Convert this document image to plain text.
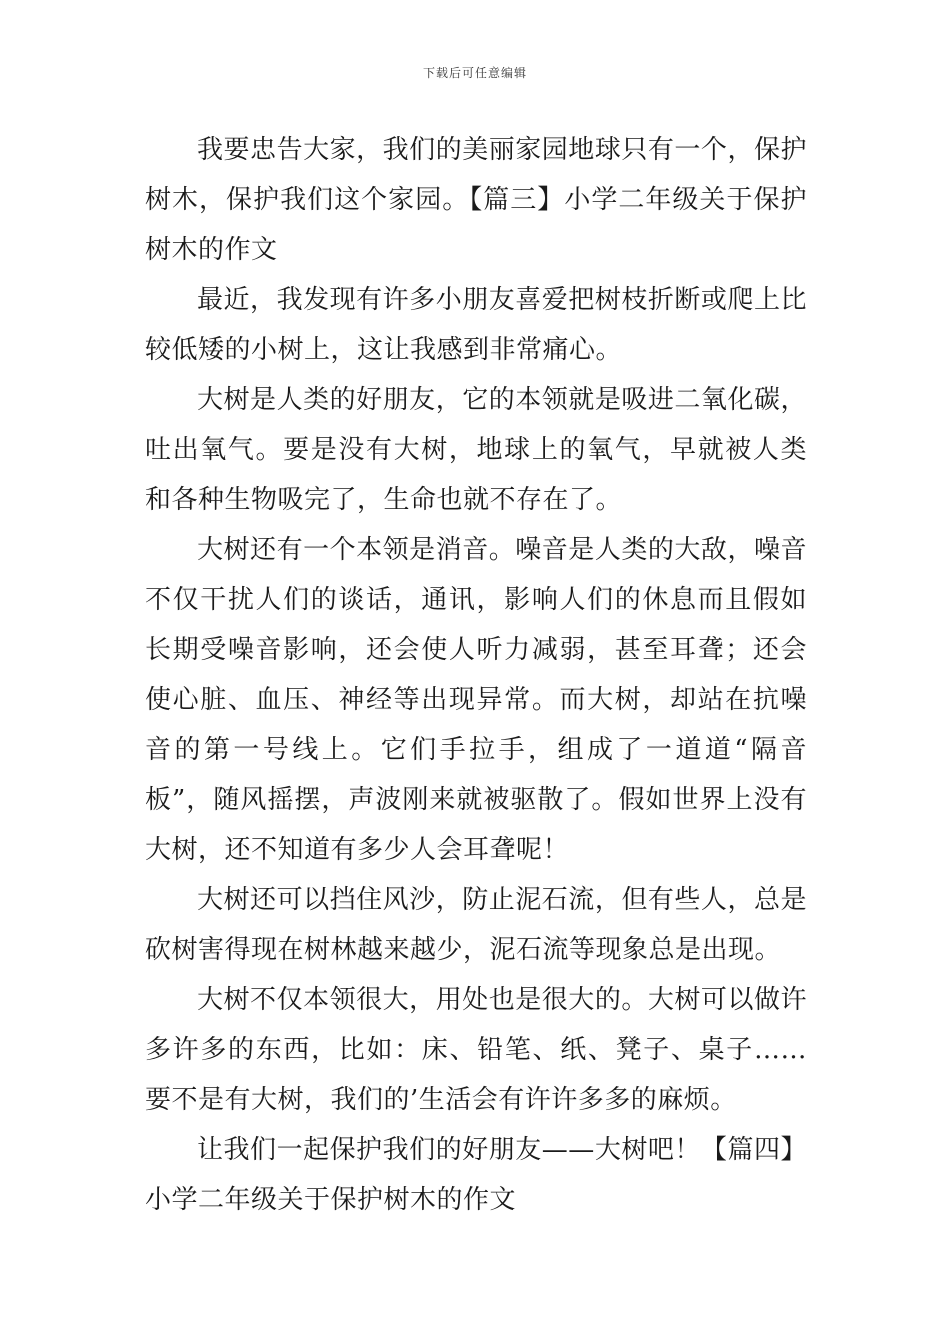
下载后可任意编辑

我要忠告大家，我们的美丽家园地球只有一个，保护树木，保护我们这个家园。【篇三】小学二年级关于保护树木的作文

最近，我发现有许多小朋友喜爱把树枝折断或爬上比较低矮的小树上，这让我感到非常痛心。

大树是人类的好朋友，它的本领就是吸进二氧化碳，吐出氧气。要是没有大树，地球上的氧气，早就被人类和各种生物吸完了，生命也就不存在了。

大树还有一个本领是消音。噪音是人类的大敌，噪音不仅干扰人们的谈话，通讯，影响人们的休息而且假如长期受噪音影响，还会使人听力减弱，甚至耳聋；还会使心脏、血压、神经等出现异常。而大树，却站在抗噪音的第一号线上。它们手拉手，组成了一道道“隔音板”，随风摇摆，声波刚来就被驱散了。假如世界上没有大树，还不知道有多少人会耳聋呢！

大树还可以挡住风沙，防止泥石流，但有些人，总是砍树害得现在树林越来越少，泥石流等现象总是出现。

大树不仅本领很大，用处也是很大的。大树可以做许多许多的东西，比如：床、铅笔、纸、凳子、桌子……要不是有大树，我们的’生活会有许许多多的麻烦。

让我们一起保护我们的好朋友——大树吧！【篇四】小学二年级关于保护树木的作文
